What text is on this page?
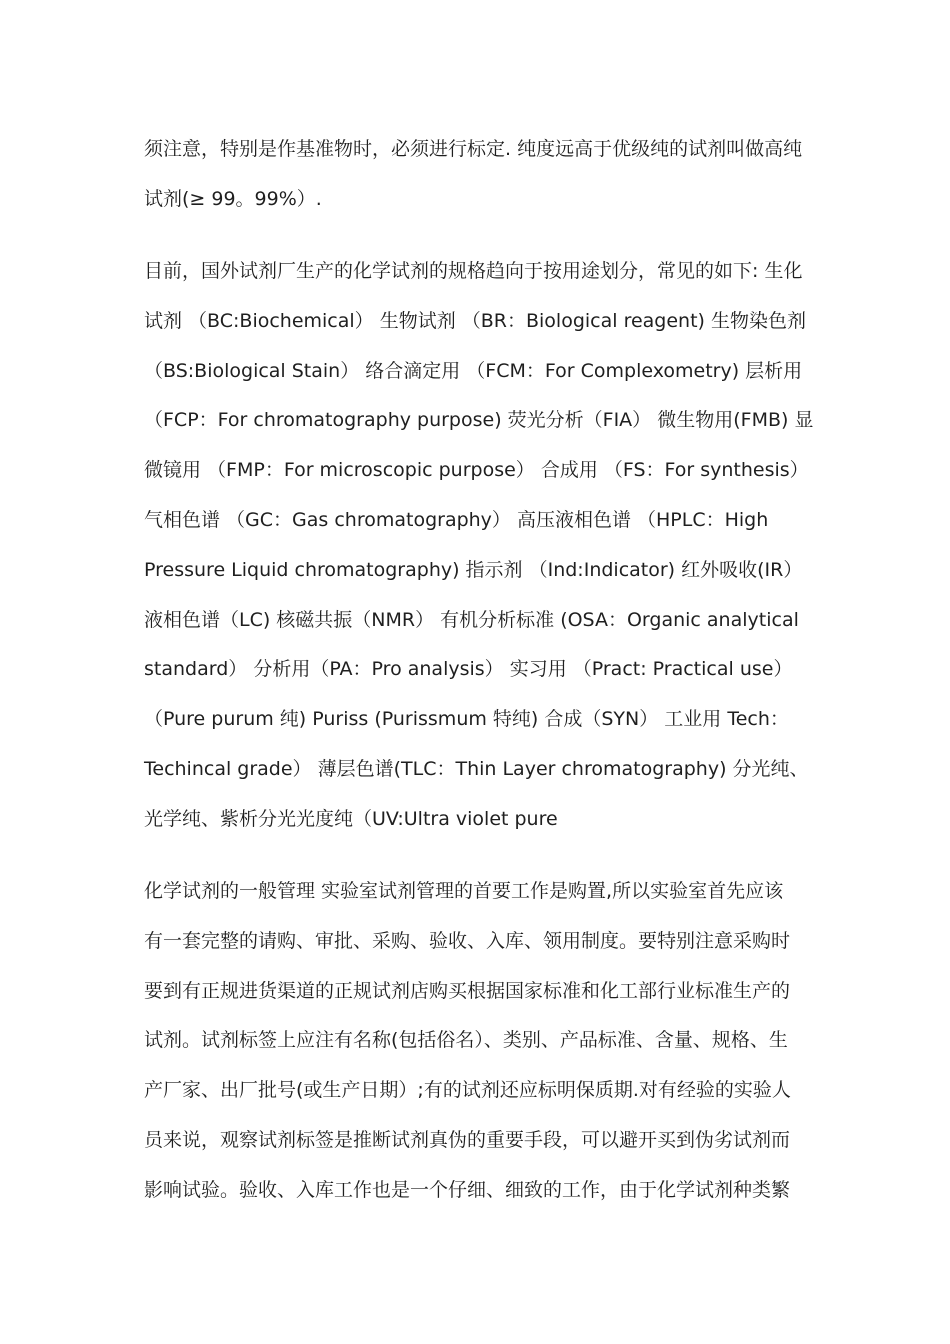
须注意，特别是作基准物时，必须进行标定. 纯度远高于优级纯的试剂叫做高纯
试剂(≥ 99。99%）.
目前，国外试剂厂生产的化学试剂的规格趋向于按用途划分，常见的如下: 生化
试剂 （BC:Biochemical） 生物试剂 （BR：Biological reagent) 生物染色剂
（BS:Biological Stain） 络合滴定用 （FCM：For Complexometry) 层析用
（FCP：For chromatography purpose) 荧光分析（FIA） 微生物用(FMB) 显
微镜用 （FMP：For microscopic purpose） 合成用 （FS：For synthesis）
气相色谱 （GC：Gas chromatography） 高压液相色谱 （HPLC：High
Pressure Liquid chromatography) 指示剂 （Ind:Indicator) 红外吸收(IR）
液相色谱（LC) 核磁共振（NMR） 有机分析标准 (OSA：Organic analytical
standard） 分析用（PA：Pro analysis） 实习用 （Pract: Practical use）
（Pure purum 纯) Puriss (Purissmum 特纯) 合成（SYN） 工业用 Tech：
Techincal grade） 薄层色谱(TLC：Thin Layer chromatography) 分光纯、
光学纯、紫析分光光度纯（UV:Ultra violet pure
化学试剂的一般管理 实验室试剂管理的首要工作是购置,所以实验室首先应该
有一套完整的请购、审批、采购、验收、入库、领用制度。要特别注意采购时
要到有正规进货渠道的正规试剂店购买根据国家标准和化工部行业标准生产的
试剂。试剂标签上应注有名称(包括俗名）、类别、产品标准、含量、规格、生
产厂家、出厂批号(或生产日期）;有的试剂还应标明保质期.对有经验的实验人
员来说，观察试剂标签是推断试剂真伪的重要手段，可以避开买到伪劣试剂而
影响试验。验收、入库工作也是一个仔细、细致的工作，由于化学试剂种类繁
